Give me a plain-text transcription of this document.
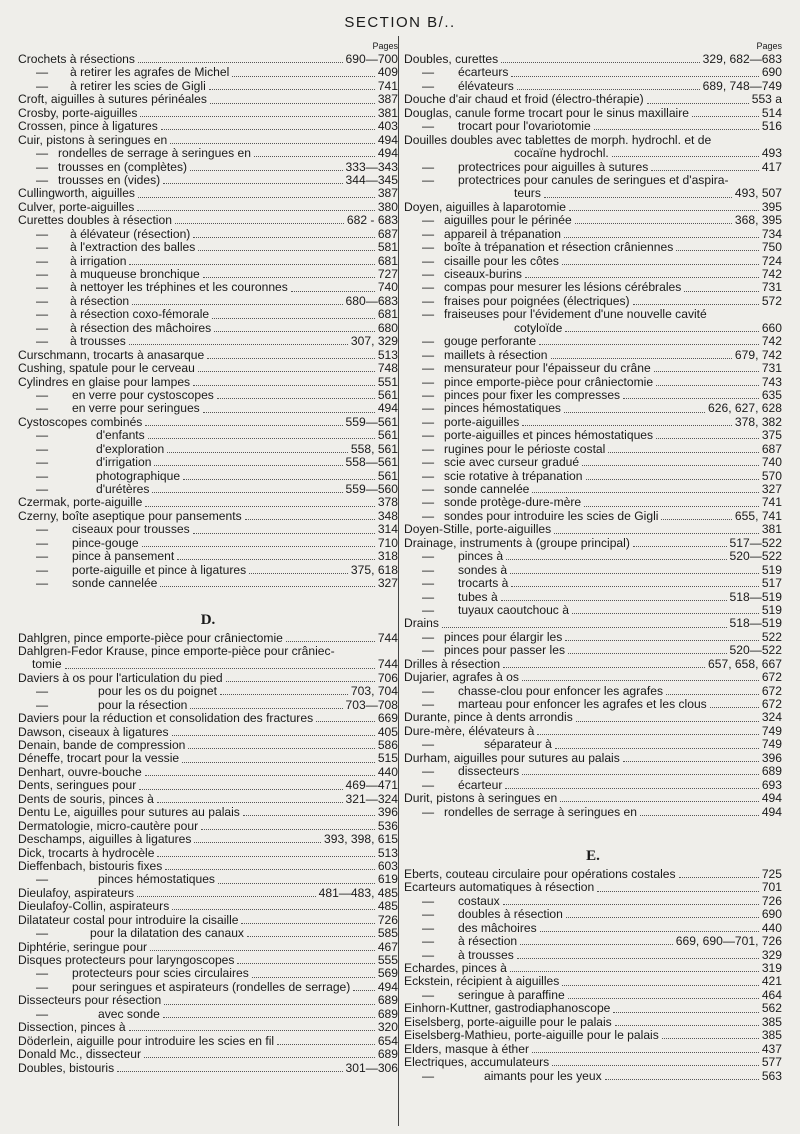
SECTION B/..
Pages
Crochets à résections	690—700
—	à retirer les agrafes de Michel	409
—	à retirer les scies de Gigli	741
Croft, aiguilles à sutures périnéales	387
Crosby, porte-aiguilles	381
Crossen, pince à ligatures	403
Cuir, pistons à seringues en	494
— rondelles de serrage à seringues en	494
— trousses en (complètes)	333—343
— trousses en (vides)	344—345
Cullingworth, aiguilles	387
Culver, porte-aiguilles	380
Curettes doubles à résection	682 - 683
—	à élévateur (résection)	687
—	à l'extraction des balles	581
—	à irrigation	681
—	à muqueuse bronchique	727
—	à nettoyer les tréphines et les couronnes	740
—	à résection	680—683
—	à résection coxo-fémorale	681
—	à résection des mâchoires	680
—	à trousses	307, 329
Curschmann, trocarts à anasarque	513
Cushing, spatule pour le cerveau	748
Cylindres en glaise pour lampes	551
—	en verre pour cystoscopes	561
—	en verre pour seringues	494
Cystoscopes combinés	559—561
—	d'enfants	561
—	d'exploration	558, 561
—	d'irrigation	558—561
—	photographique	561
—	d'urétères	559—560
Czermak, porte-aiguille	378
Czerny, boîte aseptique pour pansements	348
—	ciseaux pour trousses	314
—	pince-gouge	710
—	pince à pansement	318
—	porte-aiguille et pince à ligatures	375, 618
—	sonde cannelée	327
D.
Dahlgren, pince emporte-pièce pour crâniectomie	744
Dahlgren-Fedor Krause, pince emporte-pièce pour crâniec-
tomie	744
Daviers à os pour l'articulation du pied	706
—	pour les os du poignet	703, 704
—	pour la résection	703—708
Daviers pour la réduction et consolidation des fractures	669
Dawson, ciseaux à ligatures	405
Denain, bande de compression	586
Déneffe, trocart pour la vessie	515
Denhart, ouvre-bouche	440
Dents, seringues pour	469—471
Dents de souris, pinces à	321—324
Dentu Le, aiguilles pour sutures au palais	396
Dermatologie, micro-cautère pour	536
Deschamps, aiguilles à ligatures	393, 398, 615
Dick, trocarts à hydrocèle	513
Dieffenbach, bistouris fixes	603
—	pinces hémostatiques	619
Dieulafoy, aspirateurs	481—483, 485
Dieulafoy-Collin, aspirateurs	485
Dilatateur costal pour introduire la cisaille	726
—	pour la dilatation des canaux	585
Diphtérie, seringue pour	467
Disques protecteurs pour laryngoscopes	555
—	protecteurs pour scies circulaires	569
—	pour seringues et aspirateurs (rondelles de serrage) 494
Dissecteurs pour résection	689
—	avec sonde	689
Dissection, pinces à	320
Döderlein, aiguille pour introduire les scies en fil	654
Donald Mc., dissecteur	689
Doubles, bistouris	301—306
Pages
Doubles, curettes	329, 682—683
—	écarteurs	690
—	élévateurs	689, 748—749
Douche d'air chaud et froid (électro-thérapie)	553 a
Douglas, canule forme trocart pour le sinus maxillaire	514
—	trocart pour l'ovariotomie	516
Douilles doubles avec tablettes de morph. hydrochl. et de
cocaïne hydrochl.	493
—	protectrices pour aiguilles à sutures	417
—	protectrices pour canules de seringues et d'aspira-
teurs	493, 507
Doyen, aiguilles à laparotomie	395
— aiguilles pour le périnée	368, 395
— appareil à trépanation	734
— boîte à trépanation et résection crâniennes	750
— cisaille pour les côtes	724
— ciseaux-burins	742
— compas pour mesurer les lésions cérébrales	731
— fraises pour poignées (électriques)	572
— fraiseuses pour l'évidement d'une nouvelle cavité
cotyloïde	660
— gouge perforante	742
— maillets à résection	679, 742
— mensurateur pour l'épaisseur du crâne	731
— pince emporte-pièce pour crâniectomie	743
— pinces pour fixer les compresses	635
— pinces hémostatiques	626, 627, 628
— porte-aiguilles	378, 382
— porte-aiguilles et pinces hémostatiques	375
— rugines pour le périoste costal	687
— scie avec curseur gradué	740
— scie rotative à trépanation	570
— sonde cannelée	327
— sonde protège-dure-mère	741
— sondes pour introduire les scies de Gigli	655, 741
Doyen-Stille, porte-aiguilles	381
Drainage, instruments à (groupe principal)	517—522
—	pinces à	520—522
—	sondes à	519
—	trocarts à	517
—	tubes à	518—519
—	tuyaux caoutchouc à	519
Drains	518—519
— pinces pour élargir les	522
— pinces pour passer les	520—522
Drilles à résection	657, 658, 667
Dujarier, agrafes à os	672
—	chasse-clou pour enfoncer les agrafes	672
—	marteau pour enfoncer les agrafes et les clous	672
Durante, pince à dents arrondis	324
Dure-mère, élévateurs à	749
—	séparateur à	749
Durham, aiguilles pour sutures au palais	396
—	dissecteurs	689
—	écarteur	693
Durit, pistons à seringues en	494
— rondelles de serrage à seringues en	494
E.
Eberts, couteau circulaire pour opérations costales	725
Ecarteurs automatiques à résection	701
—	costaux	726
—	doubles à résection	690
—	des mâchoires	440
—	à résection	669, 690—701, 726
—	à trousses	329
Echardes, pinces à	319
Eckstein, récipient à aiguilles	421
—	seringue à paraffine	464
Einhorn-Kuttner, gastrodiaphanoscope	562
Eiselsberg, porte-aiguille pour le palais	385
Eiselsberg-Mathieu, porte-aiguille pour le palais	385
Elders, masque à éther	437
Electriques, accumulateurs	577
—	aimants pour les yeux	563
